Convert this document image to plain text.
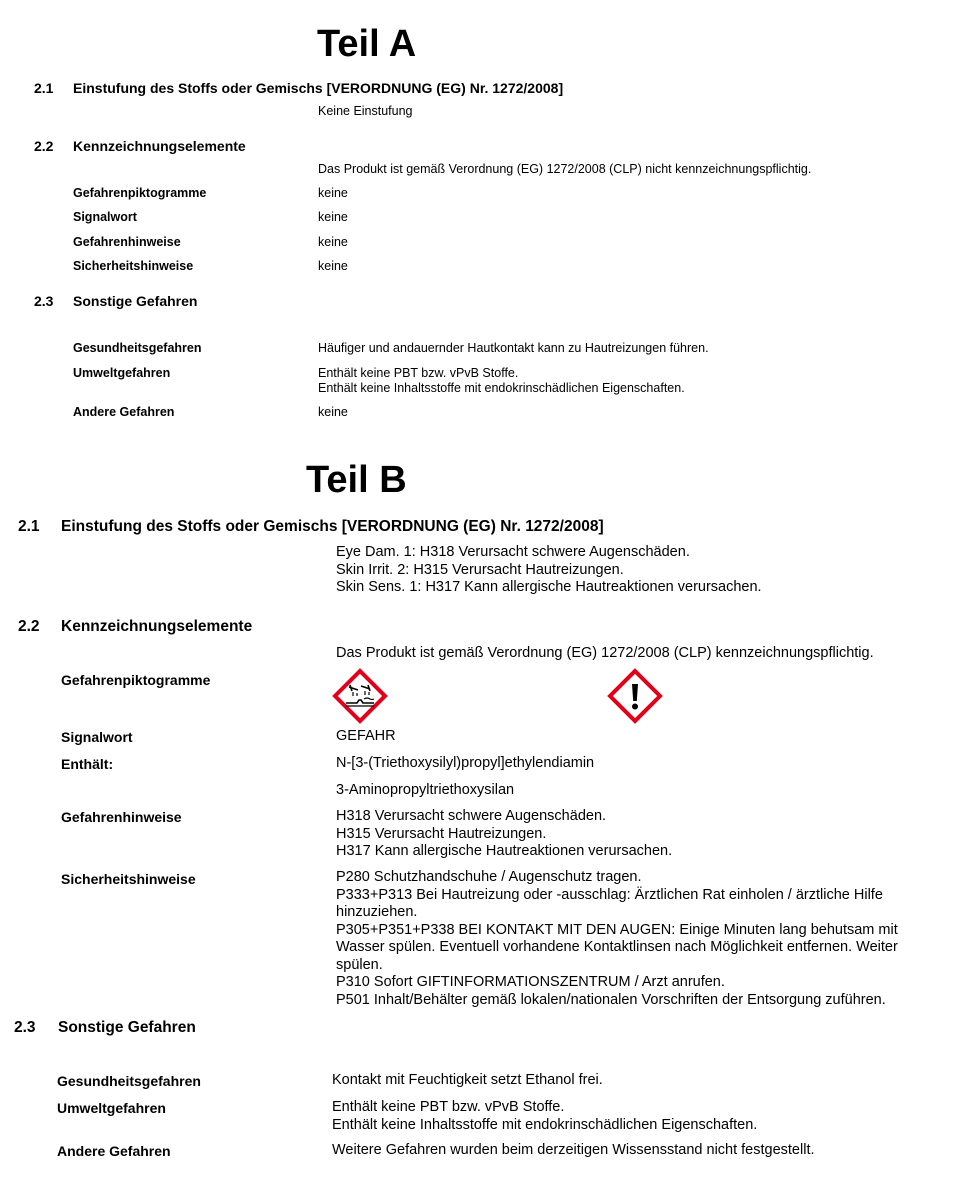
Teil A
2.1 Einstufung des Stoffs oder Gemischs [VERORDNUNG (EG) Nr. 1272/2008]
Keine Einstufung
2.2 Kennzeichnungselemente
Das Produkt ist gemäß Verordnung (EG) 1272/2008 (CLP) nicht kennzeichnungspflichtig.
Gefahrenpiktogramme	keine
Signalwort	keine
Gefahrenhinweise	keine
Sicherheitshinweise	keine
2.3 Sonstige Gefahren
Gesundheitsgefahren	Häufiger und andauernder Hautkontakt kann zu Hautreizungen führen.
Umweltgefahren	Enthält keine PBT bzw. vPvB Stoffe.
Enthält keine Inhaltsstoffe mit endokrinschädlichen Eigenschaften.
Andere Gefahren	keine
Teil B
2.1 Einstufung des Stoffs oder Gemischs [VERORDNUNG (EG) Nr. 1272/2008]
Eye Dam. 1: H318 Verursacht schwere Augenschäden.
Skin Irrit. 2: H315 Verursacht Hautreizungen.
Skin Sens. 1: H317 Kann allergische Hautreaktionen verursachen.
2.2 Kennzeichnungselemente
Das Produkt ist gemäß Verordnung (EG) 1272/2008 (CLP) kennzeichnungspflichtig.
Gefahrenpiktogramme
Signalwort	GEFAHR
Enthält:	N-[3-(Triethoxysilyl)propyl]ethylendiamin
3-Aminopropyltriethoxysilan
Gefahrenhinweise	H318 Verursacht schwere Augenschäden.
H315 Verursacht Hautreizungen.
H317 Kann allergische Hautreaktionen verursachen.
Sicherheitshinweise	P280 Schutzhandschuhe / Augenschutz tragen.
P333+P313 Bei Hautreizung oder -ausschlag: Ärztlichen Rat einholen / ärztliche Hilfe hinzuziehen.
P305+P351+P338 BEI KONTAKT MIT DEN AUGEN: Einige Minuten lang behutsam mit Wasser spülen. Eventuell vorhandene Kontaktlinsen nach Möglichkeit entfernen. Weiter spülen.
P310 Sofort GIFTINFORMATIONSZENTRUM / Arzt anrufen.
P501 Inhalt/Behälter gemäß lokalen/nationalen Vorschriften der Entsorgung zuführen.
2.3 Sonstige Gefahren
Gesundheitsgefahren	Kontakt mit Feuchtigkeit setzt Ethanol frei.
Umweltgefahren	Enthält keine PBT bzw. vPvB Stoffe.
Enthält keine Inhaltsstoffe mit endokrinschädlichen Eigenschaften.
Andere Gefahren	Weitere Gefahren wurden beim derzeitigen Wissensstand nicht festgestellt.
